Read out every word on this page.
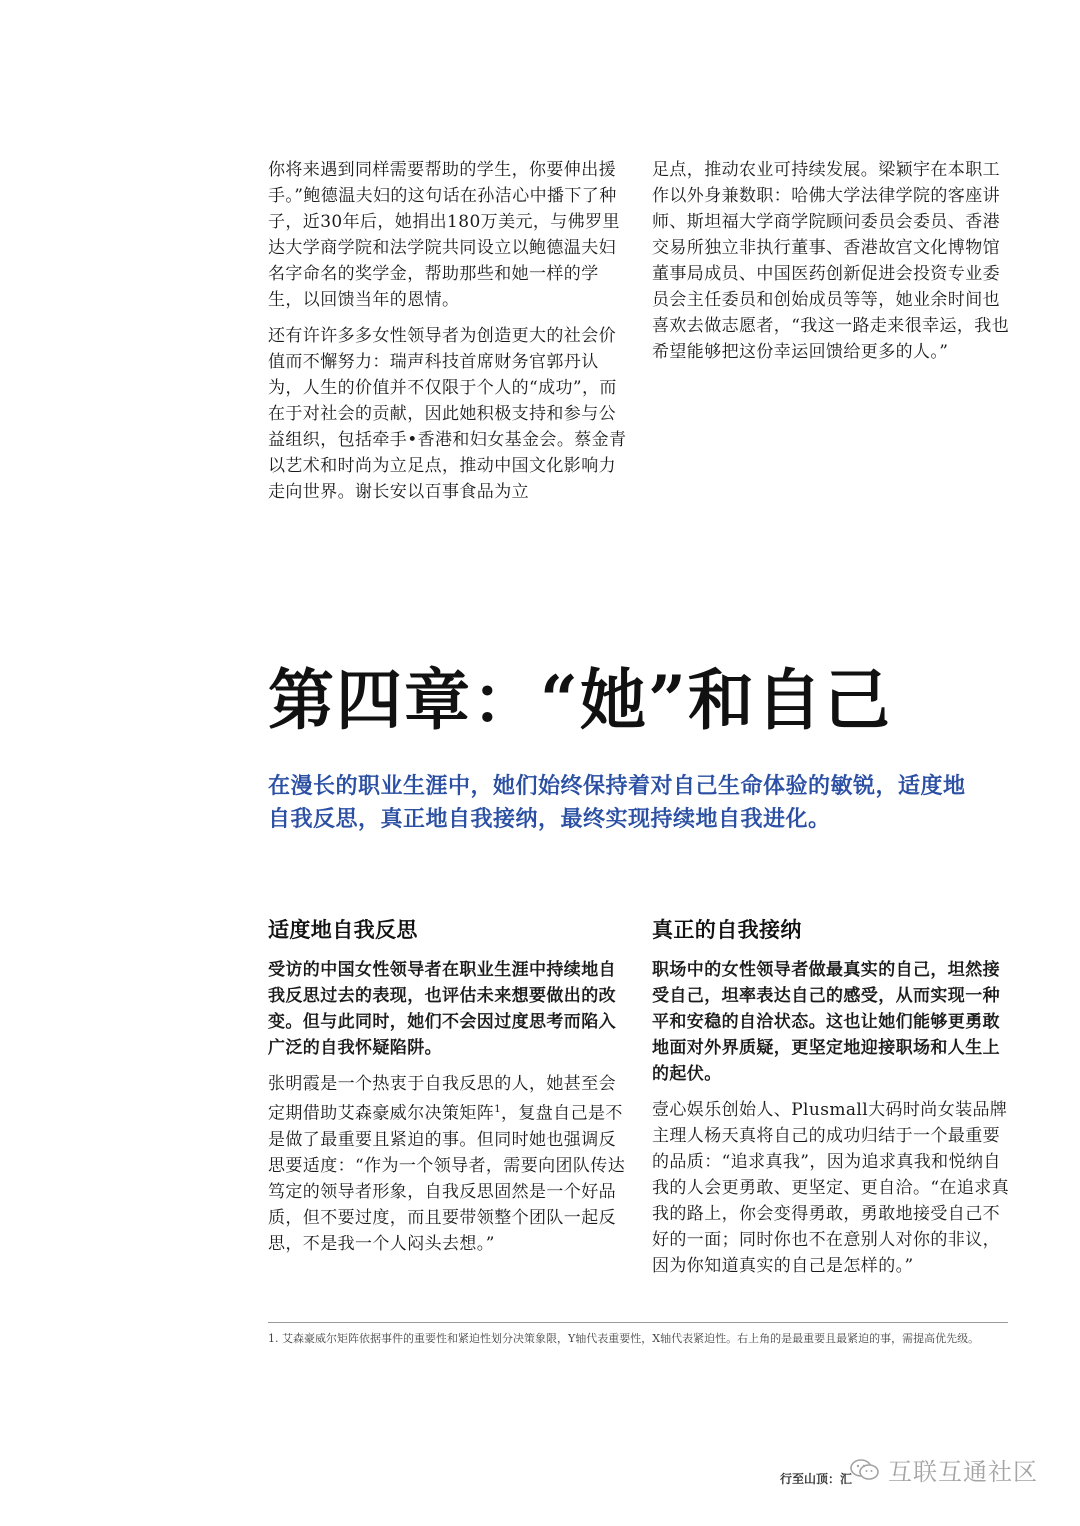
你将来遇到同样需要帮助的学生，你要伸出援手。”鲍德温夫妇的这句话在孙洁心中播下了种子，近30年后，她捐出180万美元，与佛罗里达大学商学院和法学院共同设立以鲍德温夫妇名字命名的奖学金，帮助那些和她一样的学生，以回馈当年的恩情。

还有许许多多女性领导者为创造更大的社会价值而不懈努力：瑞声科技首席财务官郭丹认为，人生的价值并不仅限于个人的“成功”，而在于对社会的贡献，因此她积极支持和参与公益组织，包括牵手•香港和妇女基金会。蔡金青以艺术和时尚为立足点，推动中国文化影响力走向世界。谢长安以百事食品为立

足点，推动农业可持续发展。梁颖宇在本职工作以外身兼数职：哈佛大学法律学院的客座讲师、斯坦福大学商学院顾问委员会委员、香港交易所独立非执行董事、香港故宫文化博物馆董事局成员、中国医药创新促进会投资专业委员会主任委员和创始成员等等，她业余时间也喜欢去做志愿者，“我这一路走来很幸运，我也希望能够把这份幸运回馈给更多的人。”

第四章：“她”和自己
在漫长的职业生涯中，她们始终保持着对自己生命体验的敏锐，适度地自我反思，真正地自我接纳，最终实现持续地自我进化。
适度地自我反思

受访的中国女性领导者在职业生涯中持续地自我反思过去的表现，也评估未来想要做出的改变。但与此同时，她们不会因过度思考而陷入广泛的自我怀疑陷阱。

张明霞是一个热衷于自我反思的人，她甚至会定期借助艾森豪威尔决策矩阵$^1$，复盘自己是不是做了最重要且紧迫的事。但同时她也强调反思要适度：“作为一个领导者，需要向团队传达笃定的领导者形象，自我反思固然是一个好品质，但不要过度，而且要带领整个团队一起反思，不是我一个人闷头去想。”

真正的自我接纳

职场中的女性领导者做最真实的自己，坦然接受自己，坦率表达自己的感受，从而实现一种平和安稳的自洽状态。这也让她们能够更勇敢地面对外界质疑，更坚定地迎接职场和人生上的起伏。

壹心娱乐创始人、Plusmall大码时尚女装品牌主理人杨天真将自己的成功归结于一个最重要的品质：“追求真我”，因为追求真我和悦纳自我的人会更勇敢、更坚定、更自洽。“在追求真我的路上，你会变得勇敢，勇敢地接受自己不好的一面；同时你也不在意别人对你的非议，因为你知道真实的自己是怎样的。”

1. 艾森豪威尔矩阵依据事件的重要性和紧迫性划分决策象限，Y轴代表重要性，X轴代表紧迫性。右上角的是最重要且最紧迫的事，需提高优先级。
行至山顶：汇 互联互通社区
